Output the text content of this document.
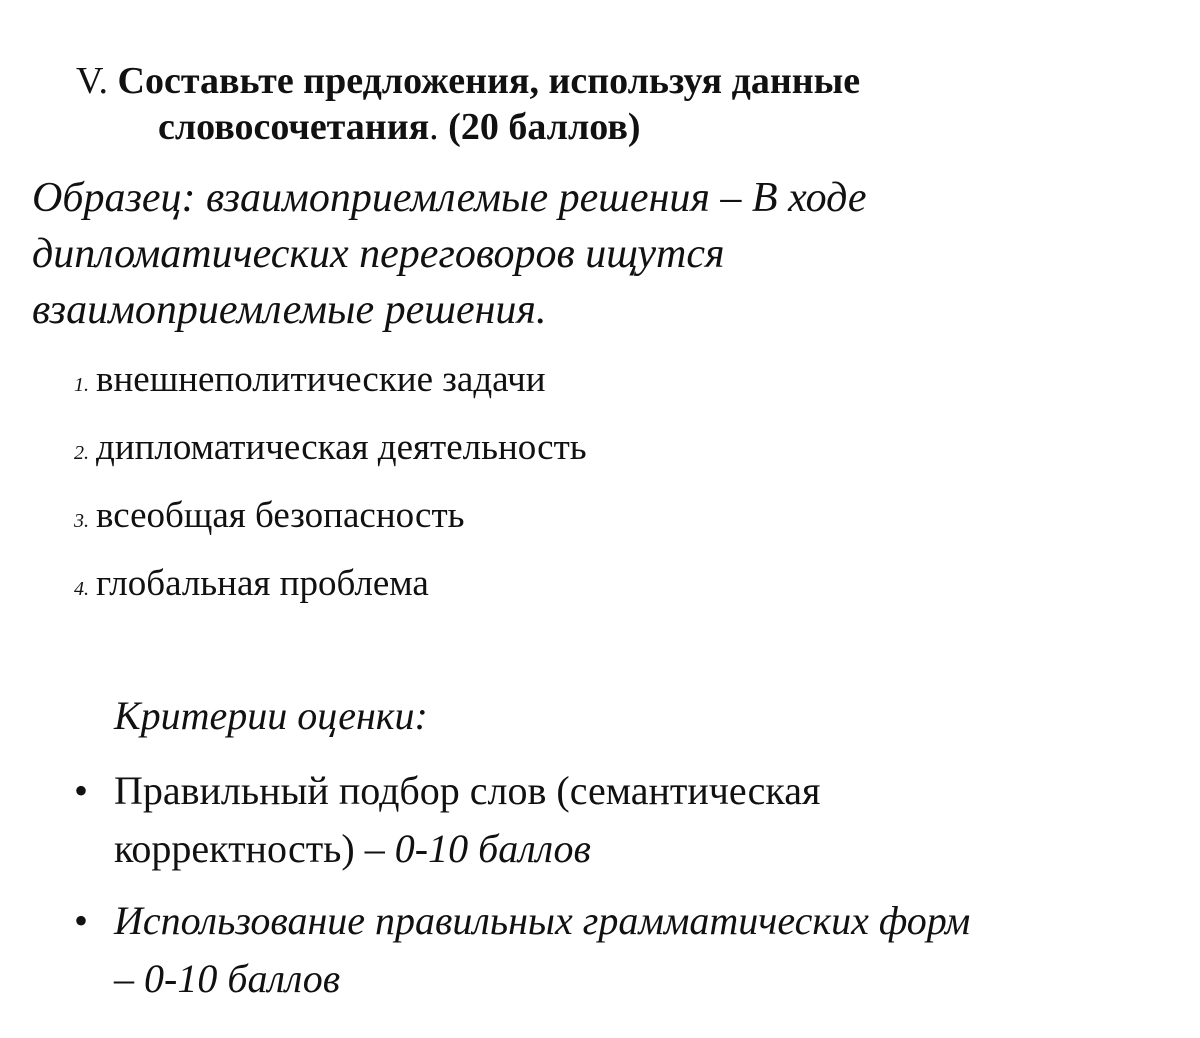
V. Составьте предложения, используя данные
словосочетания. (20 баллов)
Образец: взаимоприемлемые решения – В ходе
дипломатических переговоров ищутся
взаимоприемлемые решения.
1. внешнеполитические задачи
2. дипломатическая деятельность
3. всеобщая безопасность
4. глобальная проблема
Критерии оценки:
• Правильный подбор слов (семантическая
корректность) – 0-10 баллов
• Использование правильных грамматических форм
– 0-10 баллов
